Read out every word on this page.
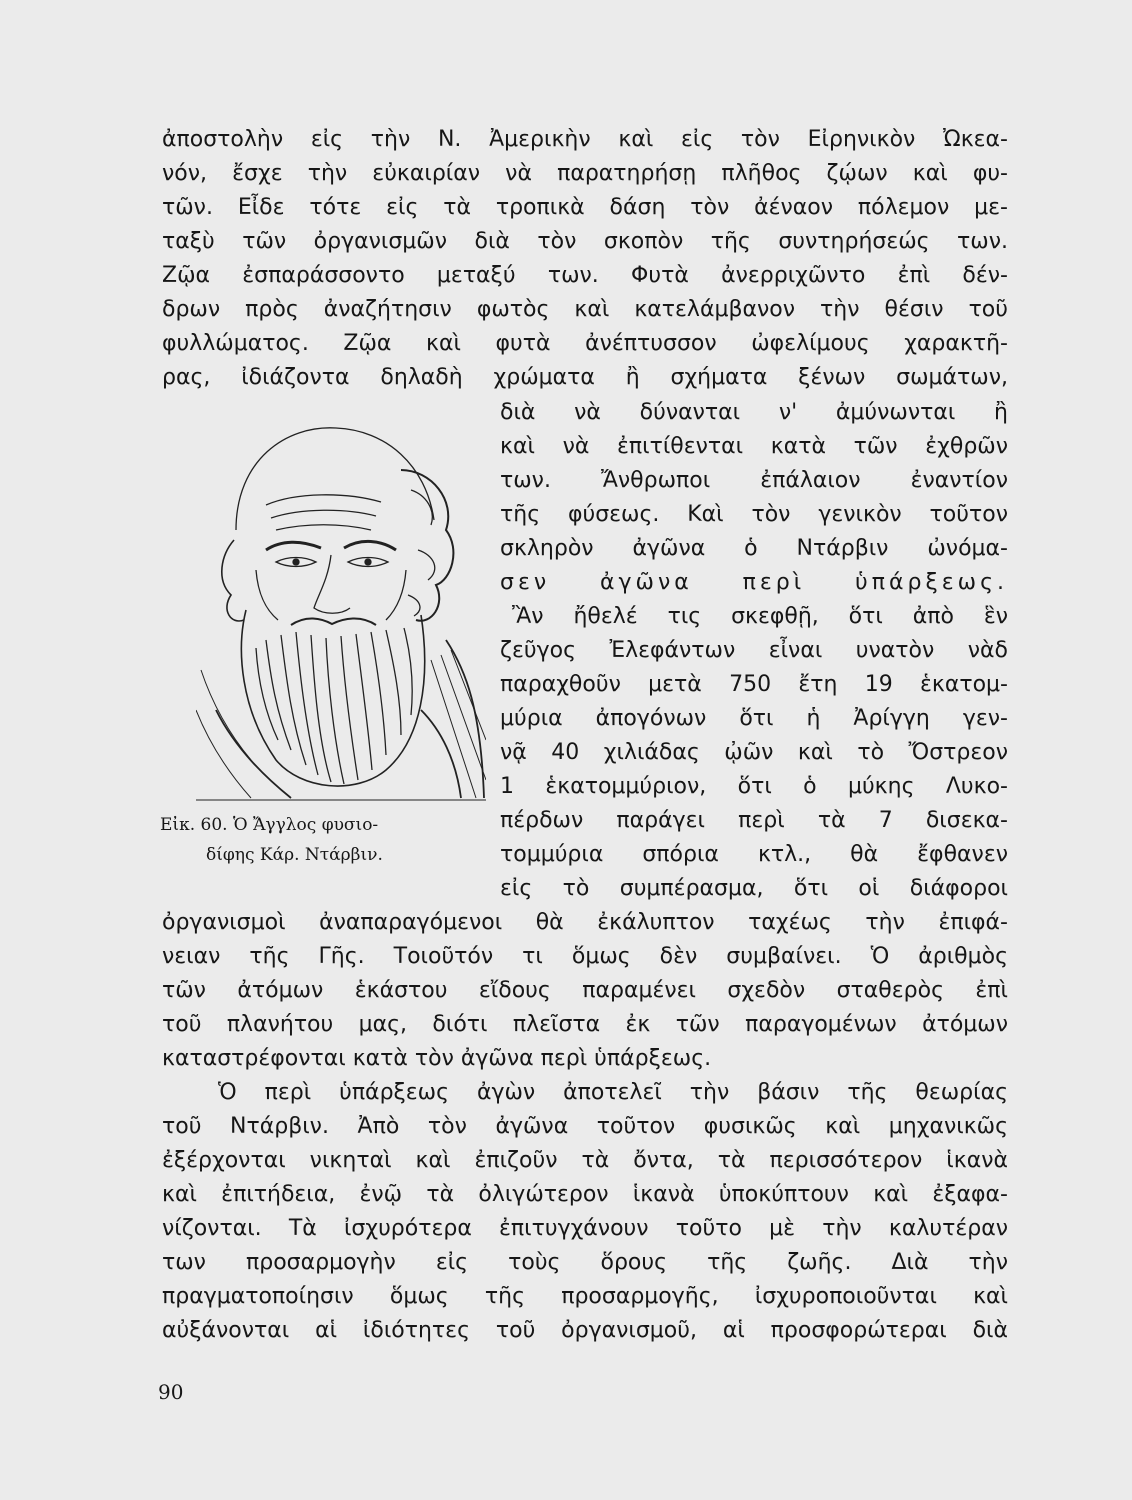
ἀποστολὴν εἰς τὴν Ν. Ἀμερικὴν καὶ εἰς τὸν Εἰρηνικὸν Ὠκεα-
νόν, ἔσχε τὴν εὐκαιρίαν νὰ παρατηρήσῃ πλῆθος ζῴων καὶ φυ-
τῶν. Εἶδε τότε εἰς τὰ τροπικὰ δάση τὸν ἀέναον πόλεμον με-
ταξὺ τῶν ὀργανισμῶν διὰ τὸν σκοπὸν τῆς συντηρήσεώς των.
Ζῷα ἐσπαράσσοντο μεταξύ των. Φυτὰ ἀνερριχῶντο ἐπὶ δέν-
δρων πρὸς ἀναζήτησιν φωτὸς καὶ κατελάμβανον τὴν θέσιν τοῦ
φυλλώματος. Ζῷα καὶ φυτὰ ἀνέπτυσσον ὠφελίμους χαρακτῆ-
ρας, ἰδιάζοντα δηλαδὴ χρώματα ἢ σχήματα ξένων σωμάτων,
διὰ νὰ δύνανται ν' ἀμύνωνται ἢ
καὶ νὰ ἐπιτίθενται κατὰ τῶν ἐχθρῶν
των. Ἄνθρωποι ἐπάλαιον ἐναντίον
τῆς φύσεως. Καὶ τὸν γενικὸν τοῦτον
σκληρὸν ἀγῶνα ὁ Ντάρβιν ὠνόμα-
σεν ἀγῶνα περὶ ὑπάρξεως.
Ἂν ἤθελέ τις σκεφθῇ, ὅτι ἀπὸ ἓν
ζεῦγος Ἐλεφάντων εἶναι υνατὸν νὰδ
παραχθοῦν μετὰ 750 ἔτη 19 ἑκατομ-
μύρια ἀπογόνων ὅτι ἡ Ἀρίγγη γεν-
νᾷ 40 χιλιάδας ᾠῶν καὶ τὸ Ὄστρεον
1 ἑκατομμύριον, ὅτι ὁ μύκης Λυκο-
πέρδων παράγει περὶ τὰ 7 δισεκα-
τομμύρια σπόρια κτλ., θὰ ἔφθανεν
εἰς τὸ συμπέρασμα, ὅτι οἱ διάφοροι
ὀργανισμοὶ ἀναπαραγόμενοι θὰ ἐκάλυπτον ταχέως τὴν ἐπιφά-
νειαν τῆς Γῆς. Τοιοῦτόν τι ὅμως δὲν συμβαίνει. Ὁ ἀριθμὸς
τῶν ἀτόμων ἑκάστου εἴδους παραμένει σχεδὸν σταθερὸς ἐπὶ
τοῦ πλανήτου μας, διότι πλεῖστα ἐκ τῶν παραγομένων ἀτόμων
καταστρέφονται κατὰ τὸν ἀγῶνα περὶ ὑπάρξεως.
Ὁ περὶ ὑπάρξεως ἀγὼν ἀποτελεῖ τὴν βάσιν τῆς θεωρίας
τοῦ Ντάρβιν. Ἀπὸ τὸν ἀγῶνα τοῦτον φυσικῶς καὶ μηχανικῶς
ἐξέρχονται νικηταὶ καὶ ἐπιζοῦν τὰ ὄντα, τὰ περισσότερον ἱκανὰ
καὶ ἐπιτήδεια, ἐνῷ τὰ ὀλιγώτερον ἱκανὰ ὑποκύπτουν καὶ ἐξαφα-
νίζονται. Τὰ ἰσχυρότερα ἐπιτυγχάνουν τοῦτο μὲ τὴν καλυτέραν
των προσαρμογὴν εἰς τοὺς ὅρους τῆς ζωῆς. Διὰ τὴν
πραγματοποίησιν ὅμως τῆς προσαρμογῆς, ἰσχυροποιοῦνται καὶ
αὐξάνονται αἱ ἰδιότητες τοῦ ὀργανισμοῦ, αἱ προσφορώτεραι διὰ
Εἰκ. 60. Ὁ Ἄγγλος φυσιο-
δίφης Κάρ. Ντάρβιν.
90
